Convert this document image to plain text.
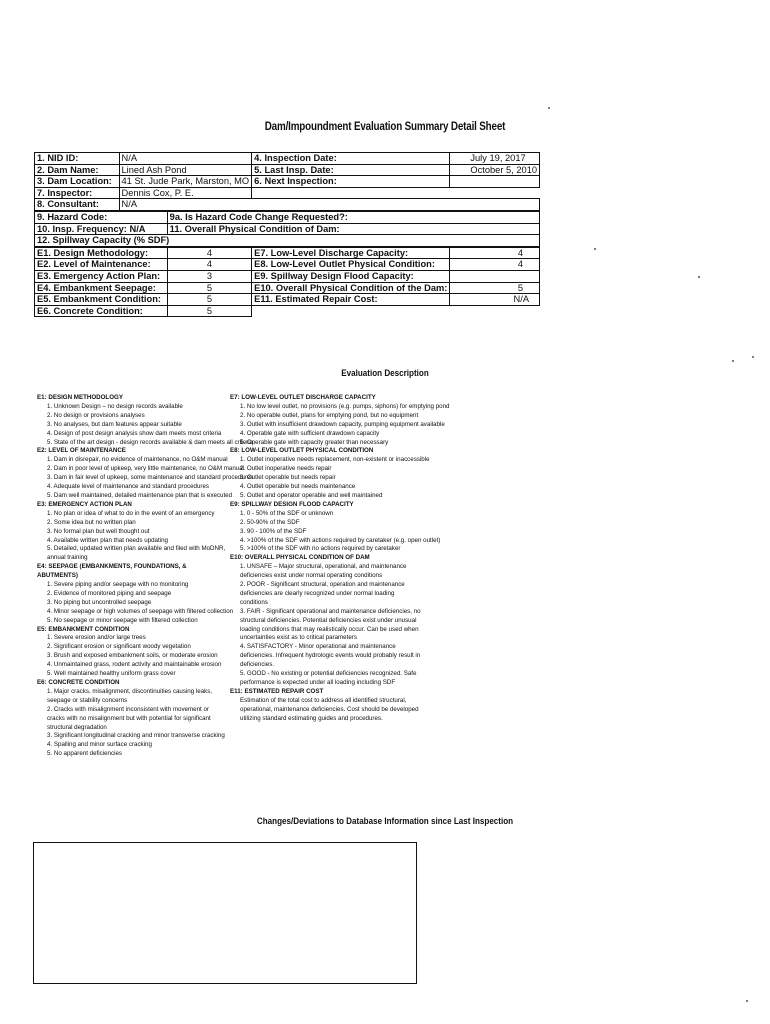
Dam/Impoundment Evaluation Summary Detail Sheet
1. NID ID:	N/A		4. Inspection Date:	July 19, 2017
2. Dam Name:	Lined Ash Pond		5. Last Insp. Date:	October 5, 2010
3. Dam Location:	41 St. Jude Park, Marston, MO		6. Next Inspection:	
7. Inspector:	Dennis Cox, P. E.			
8. Consultant:	N/A			
9. Hazard Code:		9a. Is Hazard Code Change Requested?:		
10. Insp. Frequency: N/A		11. Overall Physical Condition of Dam:		
12. Spillway Capacity (% SDF)				
E1. Design Methodology:		4	E7. Low-Level Discharge Capacity:	4
E2. Level of Maintenance:		4	E8. Low-Level Outlet Physical Condition:	4
E3. Emergency Action Plan:		3	E9. Spillway Design Flood Capacity:	
E4. Embankment Seepage:		5	E10. Overall Physical Condition of the Dam:	5
E5. Embankment Condition:		5	E11. Estimated Repair Cost:	N/A
E6. Concrete Condition:		5		
Evaluation Description
E1: DESIGN METHODOLOGY
1. Unknown Design – no design records available
2. No design or provisions analyses
3. No analyses, but dam features appear suitable
4. Design of post design analysis show dam meets most criteria
5. State of the art design - design records available & dam meets all criteria
E2: LEVEL OF MAINTENANCE
1. Dam in disrepair, no evidence of maintenance, no O&M manual
2. Dam in poor level of upkeep, very little maintenance, no O&M manual
3. Dam in fair level of upkeep, some maintenance and standard procedures
4. Adequate level of maintenance and standard procedures
5. Dam well maintained, detailed maintenance plan that is executed
E3: EMERGENCY ACTION PLAN
1. No plan or idea of what to do in the event of an emergency
2. Some idea but no written plan
3. No formal plan but well thought out
4. Available written plan that needs updating
5. Detailed, updated written plan available and filed with MoDNR, annual training
E4: SEEPAGE (EMBANKMENTS, FOUNDATIONS, & ABUTMENTS)
1. Severe piping and/or seepage with no monitoring
2. Evidence of monitored piping and seepage
3. No piping but uncontrolled seepage
4. Minor seepage or high volumes of seepage with filtered collection
5. No seepage or minor seepage with filtered collection
E5: EMBANKMENT CONDITION
1. Severe erosion and/or large trees
2. Significant erosion or significant woody vegetation
3. Brush and exposed embankment soils, or moderate erosion
4. Unmaintained grass, rodent activity and maintainable erosion
5. Well maintained healthy uniform grass cover
E6: CONCRETE CONDITION
1. Major cracks, misalignment, discontinuities causing leaks, seepage or stability concerns
2. Cracks with misalignment inconsistent with movement or cracks with no misalignment but with potential for significant structural degradation
3. Significant longitudinal cracking and minor transverse cracking
4. Spalling and minor surface cracking
5. No apparent deficiencies
E7: LOW-LEVEL OUTLET DISCHARGE CAPACITY
1. No low level outlet, no provisions (e.g. pumps, siphons) for emptying pond
2. No operable outlet, plans for emptying pond, but no equipment
3. Outlet with insufficient drawdown capacity, pumping equipment available
4. Operable gate with sufficient drawdown capacity
5. Operable gate with capacity greater than necessary
E8: LOW-LEVEL OUTLET PHYSICAL CONDITION
1. Outlet inoperative needs replacement, non-existent or inaccessible
2. Outlet inoperative needs repair
3. Outlet operable but needs repair
4. Outlet operable but needs maintenance
5. Outlet and operator operable and well maintained
E9: SPILLWAY DESIGN FLOOD CAPACITY
1. 0 - 50% of the SDF or unknown
2. 50-90% of the SDF
3. 90 - 100% of the SDF
4. >100% of the SDF with actions required by caretaker (e.g. open outlet)
5. >100% of the SDF with no actions required by caretaker
E10: OVERALL PHYSICAL CONDITION OF DAM
1. UNSAFE – Major structural, operational, and maintenance deficiencies exist under normal operating conditions
2. POOR - Significant structural, operation and maintenance deficiencies are clearly recognized under normal loading conditions
3. FAIR - Significant operational and maintenance deficiencies, no structural deficiencies. Potential deficiencies exist under unusual loading conditions that may realistically occur. Can be used when uncertainties exist as to critical parameters
4. SATISFACTORY - Minor operational and maintenance deficiencies. Infrequent hydrologic events would probably result in deficiencies.
5. GOOD - No existing or potential deficiencies recognized. Safe performance is expected under all loading including SDF
E11: ESTIMATED REPAIR COST
Estimation of the total cost to address all identified structural, operational, maintenance deficiencies. Cost should be developed utilizing standard estimating guides and procedures.
Changes/Deviations to Database Information since Last Inspection
